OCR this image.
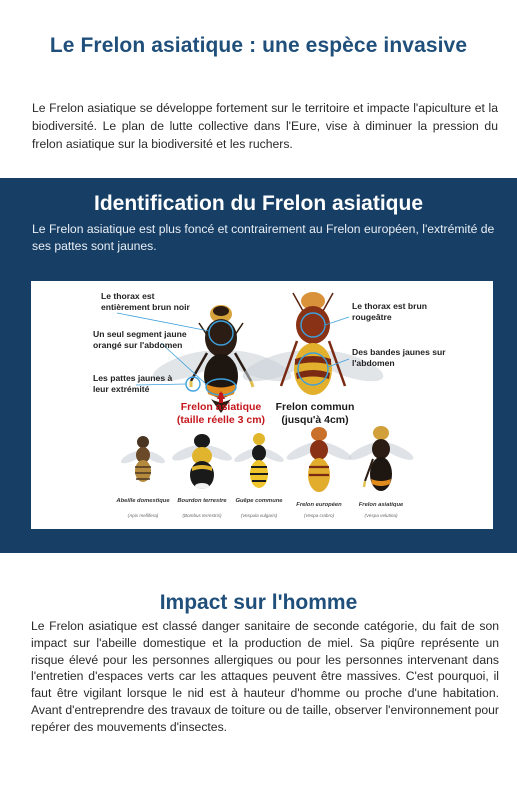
Le Frelon asiatique : une espèce invasive
Le Frelon asiatique se développe fortement sur le territoire et impacte l'apiculture et la biodiversité. Le plan de lutte collective dans l'Eure, vise à diminuer la pression du frelon asiatique sur la biodiversité et les ruchers.
Identification du Frelon asiatique
Le Frelon asiatique est plus foncé et contrairement au Frelon européen, l'extrémité de ses pattes sont jaunes.
Le thorax est entièrement brun noir
Un seul segment jaune orangé sur l'abdomen
Les pattes jaunes à leur extrémité
Le thorax est brun rougeâtre
Des bandes jaunes sur l'abdomen
Frelon asiatique
(taille réelle 3 cm)
Frelon commun
(jusqu'à 4cm)
Abeille domestique
(Apis mellifera)
Bourdon terrestre
(Bombus terrestris)
Guêpe commune
(Vespula vulgaris)
Frelon européen
(Vespa crabro)
Frelon asiatique
(Vespa velutina)
Impact sur l'homme
Le Frelon asiatique est classé danger sanitaire de seconde catégorie, du fait de son impact sur l'abeille domestique et la production de miel. Sa piqûre représente un risque élevé pour les personnes allergiques ou pour les personnes intervenant dans l'entretien d'espaces verts car les attaques peuvent être massives. C'est pourquoi, il faut être vigilant lorsque le nid est à hauteur d'homme ou proche d'une habitation. Avant d'entreprendre des travaux de toiture ou de taille, observer l'environnement pour repérer des mouvements d'insectes.
